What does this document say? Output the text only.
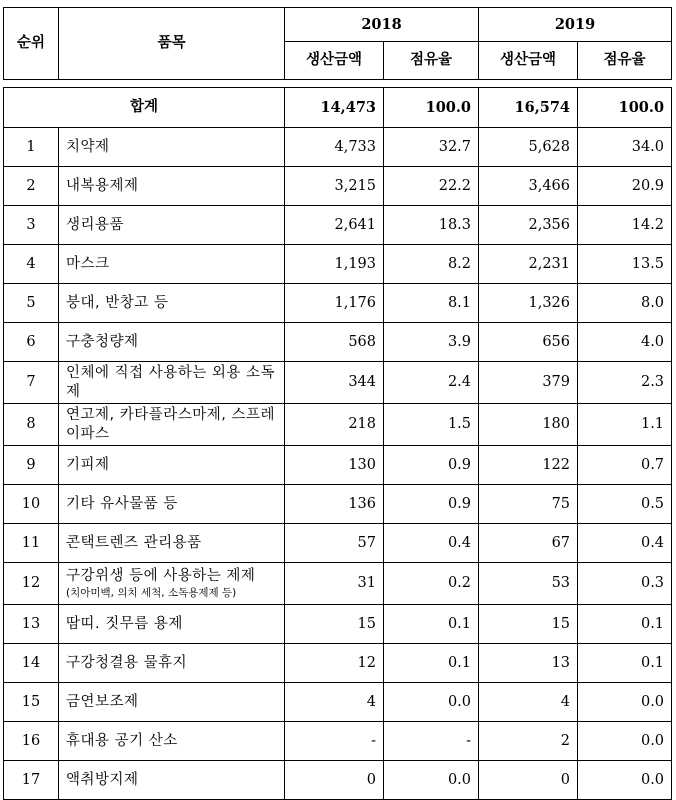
순위	품목	2018		2019	
		생산금액	점유율	생산금액	점유율

합계		14,473	100.0	16,574	100.0
1	치약제	4,733	32.7	5,628	34.0
2	내복용제제	3,215	22.2	3,466	20.9
3	생리용품	2,641	18.3	2,356	14.2
4	마스크	1,193	8.2	2,231	13.5
5	붕대, 반창고 등	1,176	8.1	1,326	8.0
6	구충청량제	568	3.9	656	4.0
7	인체에 직접 사용하는 외용 소독제	344	2.4	379	2.3
8	연고제, 카타플라스마제, 스프레이파스	218	1.5	180	1.1
9	기피제	130	0.9	122	0.7
10	기타 유사물품 등	136	0.9	75	0.5
11	콘택트렌즈 관리용품	57	0.4	67	0.4
12	구강위생 등에 사용하는 제제
(치아미백, 의치 세척, 소독용제제 등)	31	0.2	53	0.3
13	땀띠. 짓무름 용제	15	0.1	15	0.1
14	구강청결용 물휴지	12	0.1	13	0.1
15	금연보조제	4	0.0	4	0.0
16	휴대용 공기 산소	-	-	2	0.0
17	액취방지제	0	0.0	0	0.0
